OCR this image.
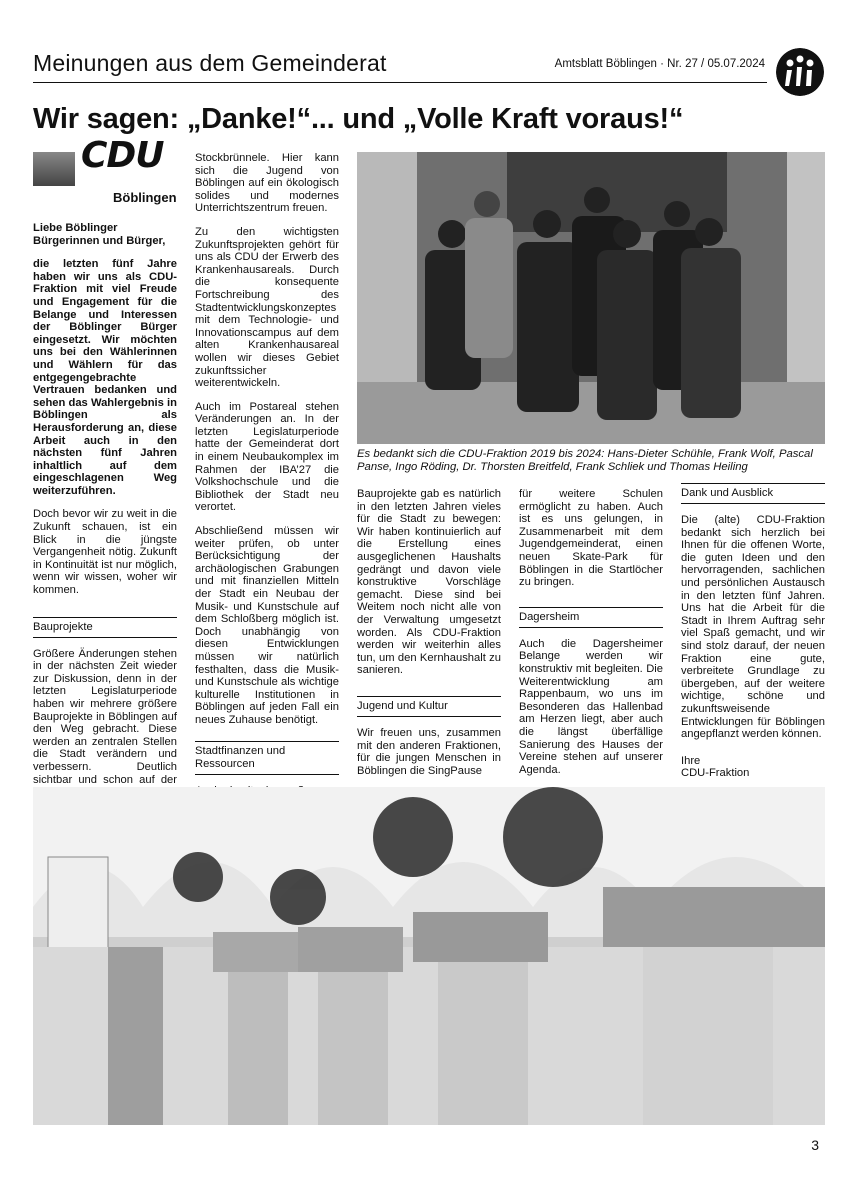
Meinungen aus dem Gemeinderat	Amtsblatt Böblingen · Nr. 27 / 05.07.2024
Wir sagen: „Danke!“... und „Volle Kraft voraus!“
CDU
Böblingen

Liebe Böblinger Bürgerinnen und Bürger,

die letzten fünf Jahre haben wir uns als CDU-Fraktion mit viel Freude und Engagement für die Belange und Interessen der Böblinger Bürger eingesetzt. Wir möchten uns bei den Wählerinnen und Wählern für das entgegengebrachte Vertrauen bedanken und sehen das Wahlergebnis in Böblingen als Herausforderung an, diese Arbeit auch in den nächsten fünf Jahren inhaltlich auf dem eingeschlagenen Weg weiterzuführen.

Doch bevor wir zu weit in die Zukunft schauen, ist ein Blick in die jüngste Vergangenheit nötig. Zukunft in Kontinuität ist nur möglich, wenn wir wissen, woher wir kommen.

Bauprojekte

Größere Änderungen stehen in der nächsten Zeit wieder zur Diskussion, denn in der letzten Legislaturperiode haben wir mehrere größere Bauprojekte in Böblingen auf den Weg gebracht. Diese werden an zentralen Stellen die Stadt verändern und verbessern. Deutlich sichtbar und schon auf der

Stockbrünnele. Hier kann sich die Jugend von Böblingen auf ein ökologisch solides und modernes Unterrichtszentrum freuen.

Zu den wichtigsten Zukunftsprojekten gehört für uns als CDU der Erwerb des Krankenhausareals. Durch die konsequente Fortschreibung des Stadtentwicklungskonzeptes mit dem Technologie- und Innovationscampus auf dem alten Krankenhausareal wollen wir dieses Gebiet zukunftssicher weiterentwickeln.

Auch im Postareal stehen Veränderungen an. In der letzten Legislaturperiode hatte der Gemeinderat dort in einem Neubaukomplex im Rahmen der IBA’27 die Volkshochschule und die Bibliothek der Stadt neu verortet.

Abschließend müssen wir weiter prüfen, ob unter Berücksichtigung der archäologischen Grabungen und mit finanziellen Mitteln der Stadt ein Neubau der Musik- und Kunstschule auf dem Schloßberg möglich ist. Doch unabhängig von diesen Entwicklungen müssen wir natürlich festhalten, dass die Musik- und Kunstschule als wichtige kulturelle Institutionen in Böblingen auf jeden Fall ein neues Zuhause benötigt.

Stadtfinanzen und Ressourcen

Es bedankt sich die CDU-Fraktion 2019 bis 2024: Hans-Dieter Schühle, Frank Wolf, Pascal Panse, Ingo Röding, Dr. Thorsten Breitfeld, Frank Schliek und Thomas Heiling

Bauprojekte gab es natürlich in den letzten Jahren vieles für die Stadt zu bewegen: Wir haben kontinuierlich auf die Erstellung eines ausgeglichenen Haushalts gedrängt und davon viele konstruktive Vorschläge gemacht. Diese sind bei Weitem noch nicht alle von der Verwaltung umgesetzt worden. Als CDU-Fraktion werden wir weiterhin alles tun, um den Kernhaushalt zu sanieren.

Jugend und Kultur

Wir freuen uns, zusammen mit den anderen Fraktionen, für die jungen Menschen in Böblingen die SingPause

für weitere Schulen ermöglicht zu haben. Auch ist es uns gelungen, in Zusammenarbeit mit dem Jugendgemeinderat, einen neuen Skate-Park für Böblingen in die Startlöcher zu bringen.

Dagersheim

Auch die Dagersheimer Belange werden wir konstruktiv mit begleiten. Die Weiterentwicklung am Rappenbaum, wo uns im Besonderen das Hallenbad am Herzen liegt, aber auch die längst überfällige Sanierung des Hauses der Vereine stehen auf unserer Agenda.

Dank und Ausblick

Die (alte) CDU-Fraktion bedankt sich herzlich bei Ihnen für die offenen Worte, die guten Ideen und den hervorragenden, sachlichen und persönlichen Austausch in den letzten fünf Jahren. Uns hat die Arbeit für die Stadt in Ihrem Auftrag sehr viel Spaß gemacht, und wir sind stolz darauf, der neuen Fraktion eine gute, verbreitete Grundlage zu übergeben, auf der weitere wichtige, schöne und zukunftsweisende Entwicklungen für Böblingen angepflanzt werden können.

Ihre
CDU-Fraktion
3
